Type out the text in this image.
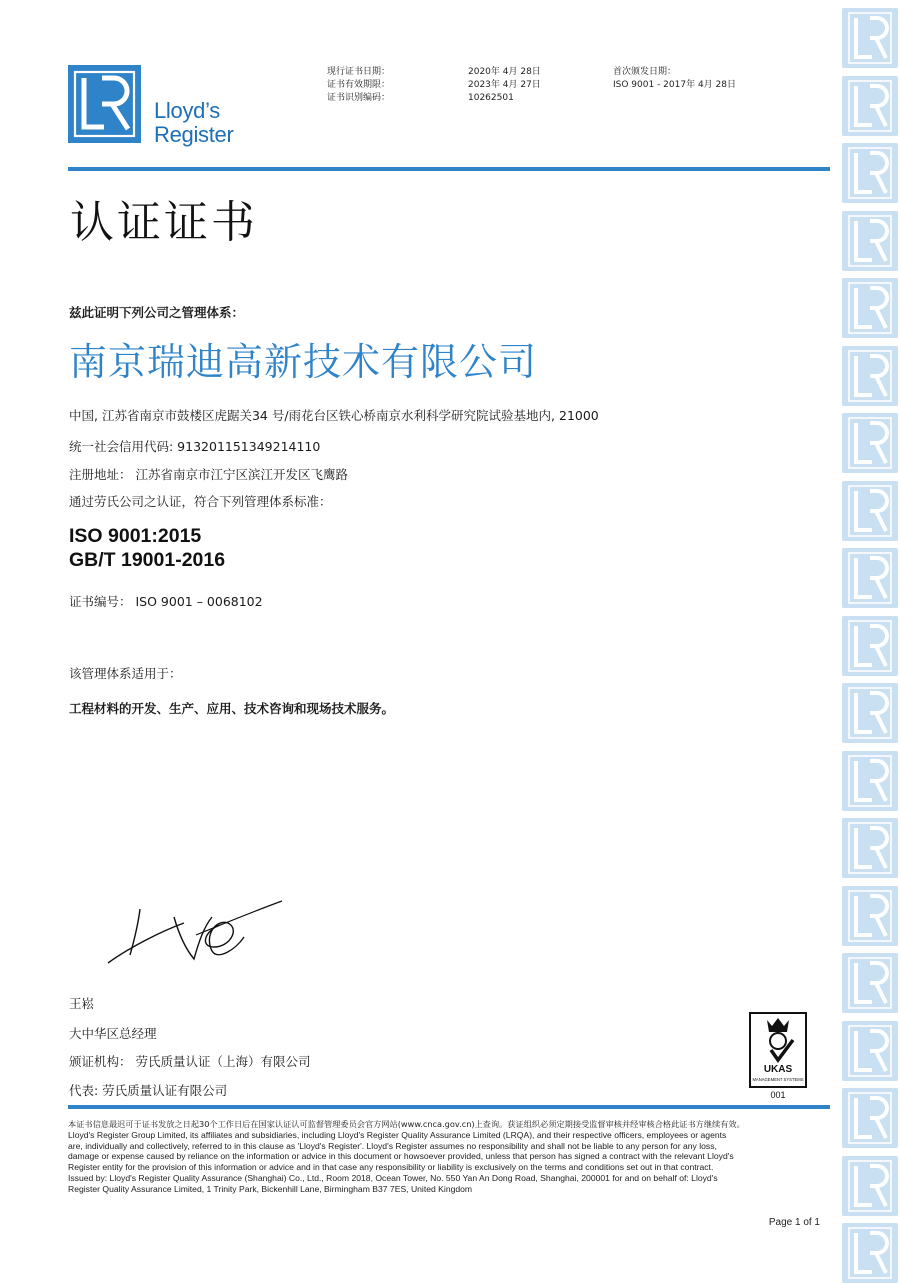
Lloyd’s
Register
现行证书日期：
证书有效期限：
证书识别编码：
2020年 4月 28日
2023年 4月 27日
10262501
首次颁发日期：
ISO 9001 - 2017年 4月 28日
认证证书
兹此证明下列公司之管理体系：
南京瑞迪高新技术有限公司
中国, 江苏省南京市鼓楼区虎踞关34 号/雨花台区铁心桥南京水利科学研究院试验基地内, 21000
统一社会信用代码: 913201151349214110
注册地址： 江苏省南京市江宁区滨江开发区飞鹰路
通过劳氏公司之认证，符合下列管理体系标准：
ISO 9001:2015
GB/T 19001-2016
证书编号： ISO 9001 – 0068102
该管理体系适用于：
工程材料的开发、生产、应用、技术咨询和现场技术服务。
王崧
大中华区总经理
颁证机构： 劳氏质量认证（上海）有限公司
代表: 劳氏质量认证有限公司
UKAS
MANAGEMENT SYSTEMS
001
本证书信息最迟可于证书发放之日起30个工作日后在国家认证认可监督管理委员会官方网站(www.cnca.gov.cn)上查询。获证组织必须定期接受监督审核并经审核合格此证书方继续有效。
Lloyd's Register Group Limited, its affiliates and subsidiaries, including Lloyd's Register Quality Assurance Limited (LRQA), and their respective officers, employees or agents
are, individually and collectively, referred to in this clause as 'Lloyd's Register'. Lloyd's Register assumes no responsibility and shall not be liable to any person for any loss,
damage or expense caused by reliance on the information or advice in this document or howsoever provided, unless that person has signed a contract with the relevant Lloyd's
Register entity for the provision of this information or advice and in that case any responsibility or liability is exclusively on the terms and conditions set out in that contract.
Issued by: Lloyd's Register Quality Assurance (Shanghai) Co., Ltd., Room 2018, Ocean Tower, No. 550 Yan An Dong Road, Shanghai, 200001 for and on behalf of: Lloyd's
Register Quality Assurance Limited, 1 Trinity Park, Bickenhill Lane, Birmingham B37 7ES, United Kingdom
Page 1 of 1
